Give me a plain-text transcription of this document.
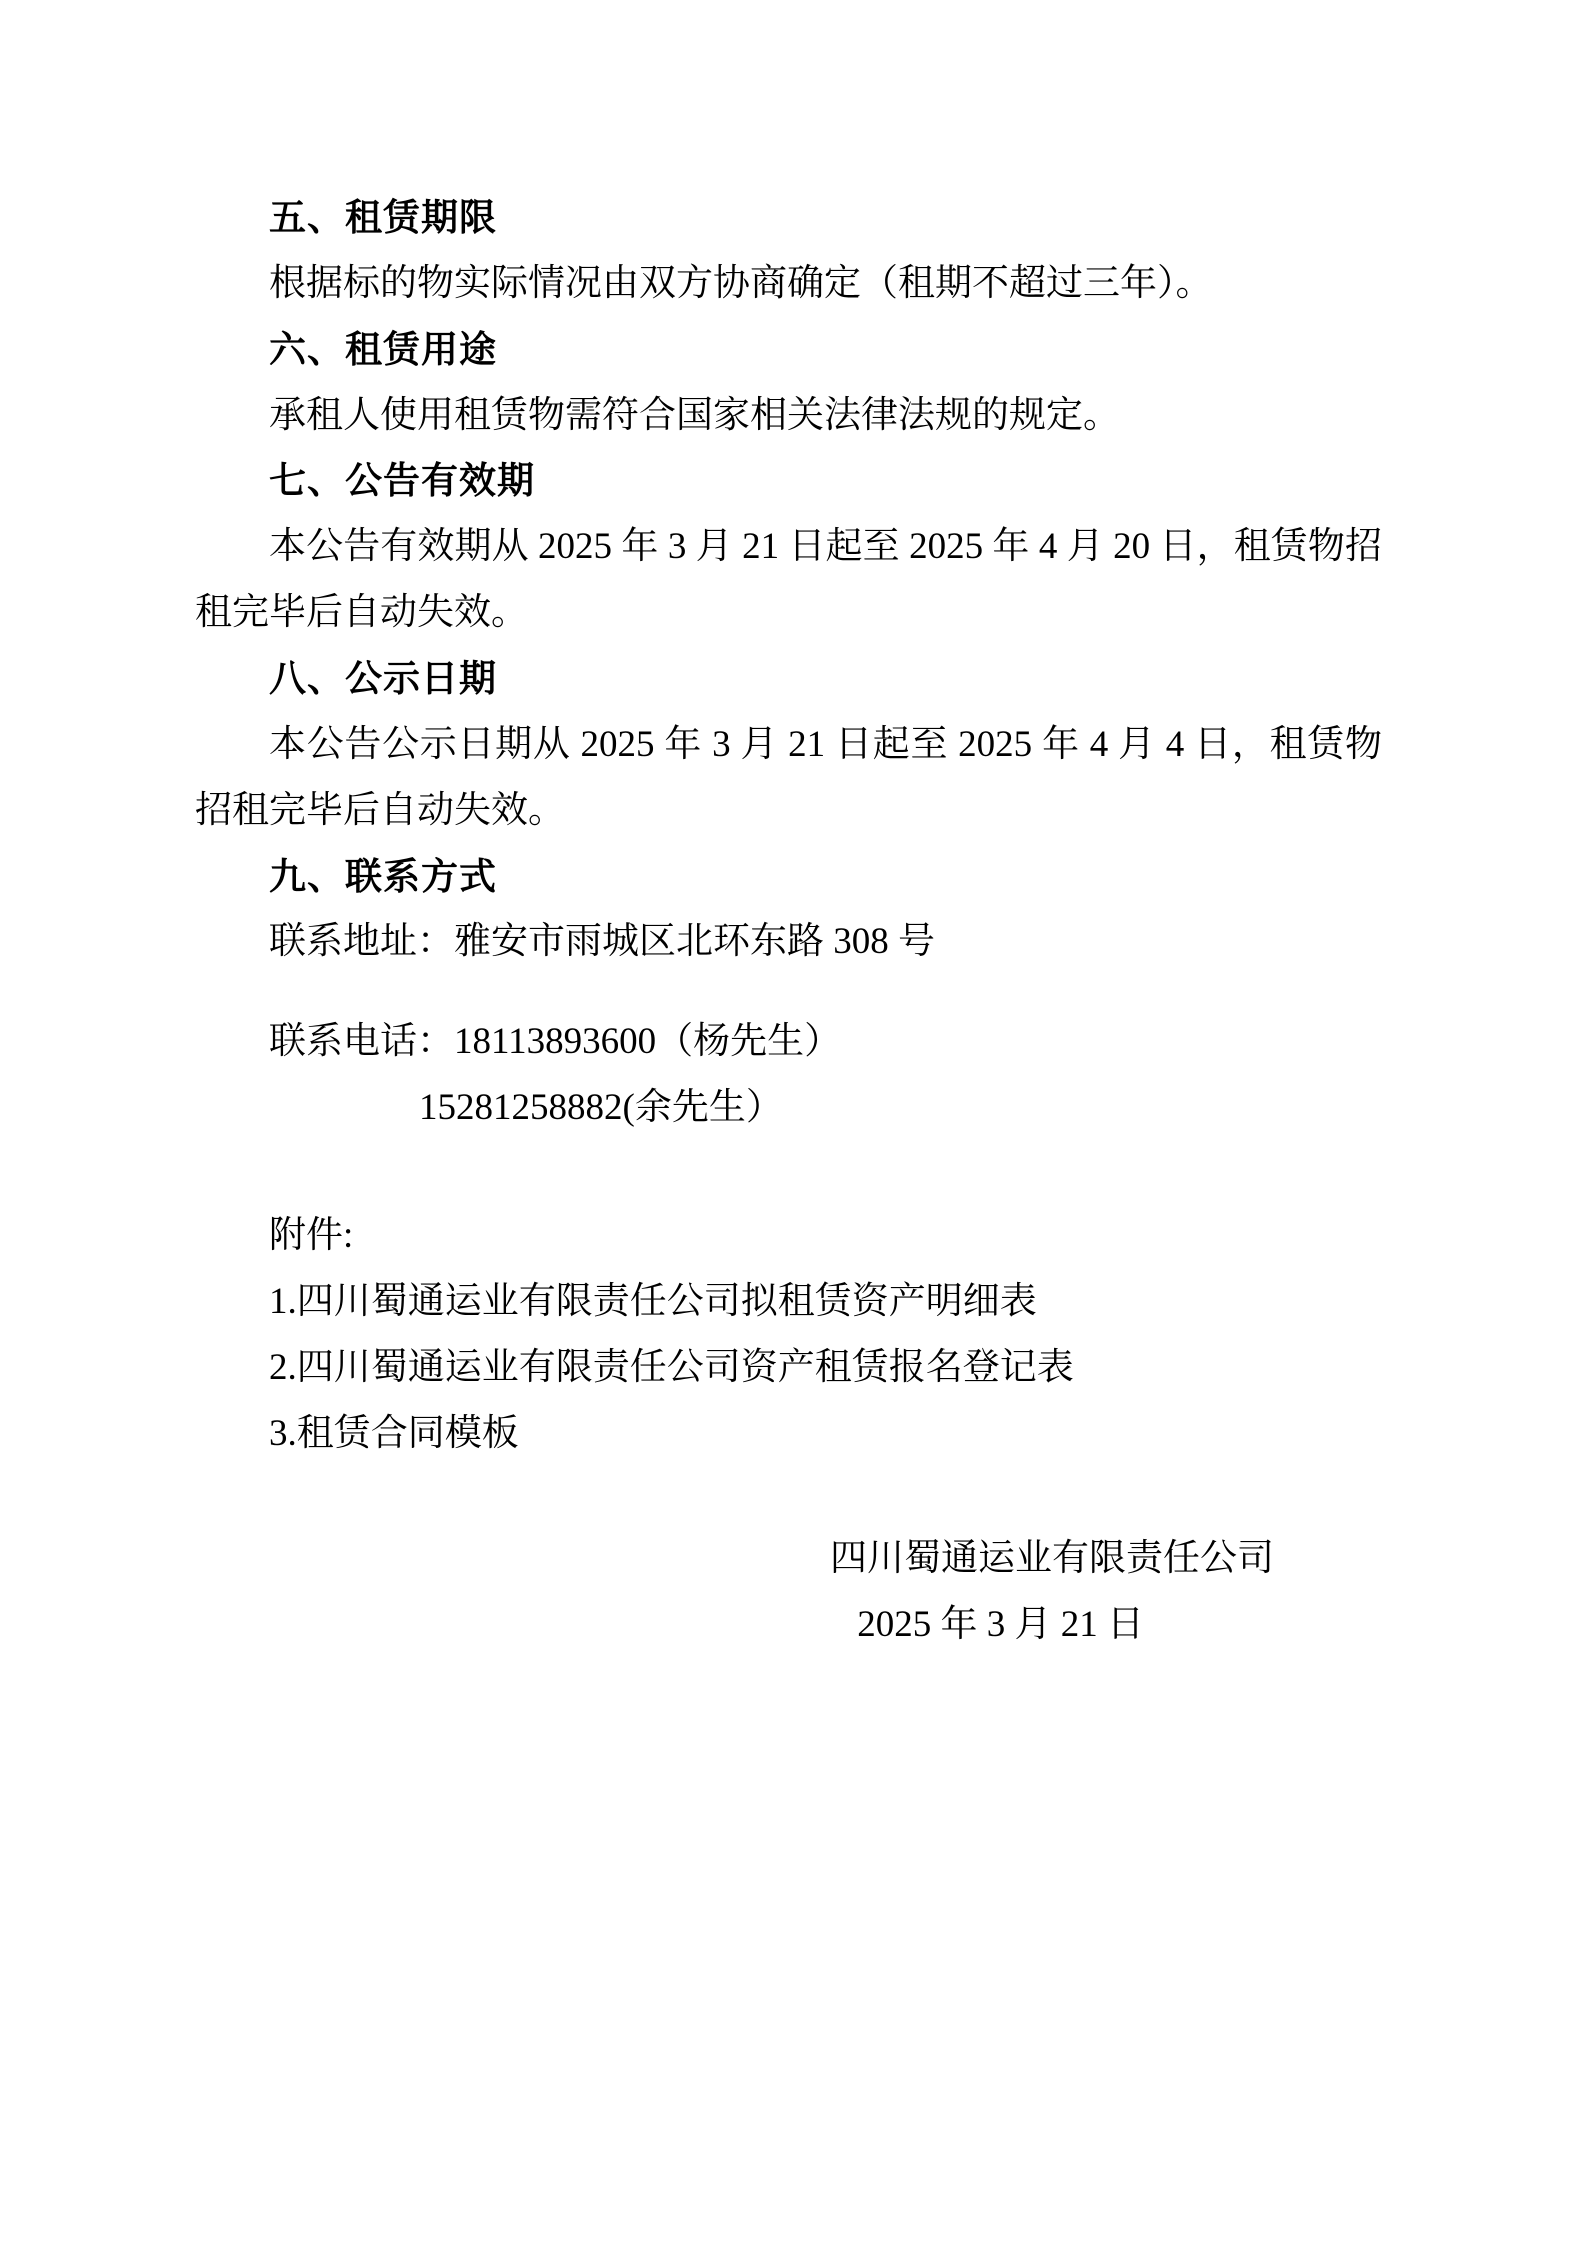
五、租赁期限

根据标的物实际情况由双方协商确定（租期不超过三年）。

六、租赁用途

承租人使用租赁物需符合国家相关法律法规的规定。

七、公告有效期

本公告有效期从 2025 年 3 月 21 日起至 2025 年 4 月 20 日，租赁物招租完毕后自动失效。

八、公示日期

本公告公示日期从 2025 年 3 月 21 日起至 2025 年 4 月 4 日，租赁物招租完毕后自动失效。

九、联系方式

联系地址：雅安市雨城区北环东路 308 号

联系电话：18113893600（杨先生）

15281258882(余先生）

附件:

1.四川蜀通运业有限责任公司拟租赁资产明细表

2.四川蜀通运业有限责任公司资产租赁报名登记表

3.租赁合同模板

四川蜀通运业有限责任公司
2025 年 3 月 21 日
